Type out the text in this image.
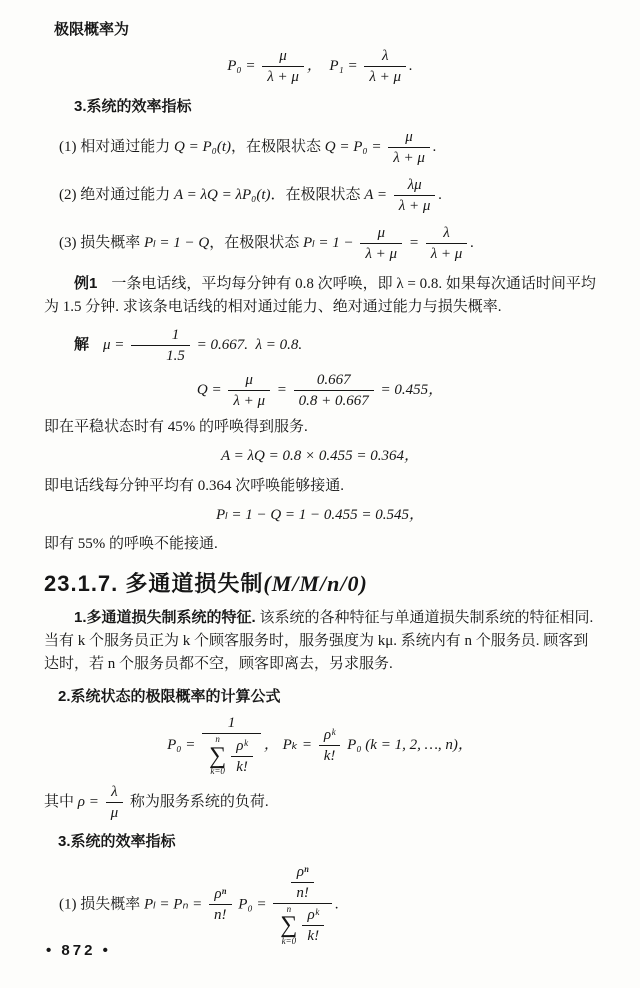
极限概率为

$P_0 = \frac{\mu}{\lambda + \mu}$ ，  $P_1 = \frac{\lambda}{\lambda + \mu}$ .

3.系统的效率指标

(1) 相对通过能力 Q = P₀(t)，在极限状态 $Q = P_0 = \frac{\mu}{\lambda + \mu}$ .
(2) 绝对通过能力 A = λQ = λP₀(t)．在极限状态 $A = \frac{\lambda\mu}{\lambda + \mu}$ .
(3) 损失概率 Pₗ = 1 − Q，在极限状态 $P_l = 1 - \frac{\mu}{\lambda + \mu} = \frac{\lambda}{\lambda + \mu}$ .

例1 一条电话线，平均每分钟有 0.8 次呼唤，即 λ = 0.8. 如果每次通话时间平均为 1.5 分钟. 求该条电话线的相对通过能力、绝对通过能力与损失概率.

解 $\mu = \frac{1}{1.5} = 0.667$.  λ = 0.8.

$Q = \frac{\mu}{\lambda + \mu} = \frac{0.667}{0.8 + 0.667} = 0.455$，

即在平稳状态时有 45% 的呼唤得到服务.

A = λQ = 0.8 × 0.455 = 0.364，

即电话线每分钟平均有 0.364 次呼唤能够接通.

Pₗ = 1 − Q = 1 − 0.455 = 0.545，

即有 55% 的呼唤不能接通.

23.1.7. 多通道损失制(M/M/n/0)

1.多通道损失制系统的特征. 该系统的各种特征与单通道损失制系统的特征相同. 当有 k 个服务员正为 k 个顾客服务时，服务强度为 kμ. 系统内有 n 个服务员. 顾客到达时，若 n 个服务员都不空，顾客即离去，另求服务.

2.系统状态的极限概率的计算公式

P₀ = 1
n
∑
$k=0 \frac{\text{ρᵏ}}{k!}$ ， $P_k = \frac{\text{ρᵏ}}{k!} P_0$ (k = 1, 2, …, n)，

其中 $\rho = \frac{\lambda}{\mu}$ 称为服务系统的负荷.

3.系统的效率指标

(1) 损失概率 $P_l = P_n = \frac{\text{ρⁿ}}{n!} P_0 = \frac{\text{ρⁿ}}{n!}$
n
∑
$k=0 \frac{\text{ρᵏ}}{k!}$ .
• 872 •
